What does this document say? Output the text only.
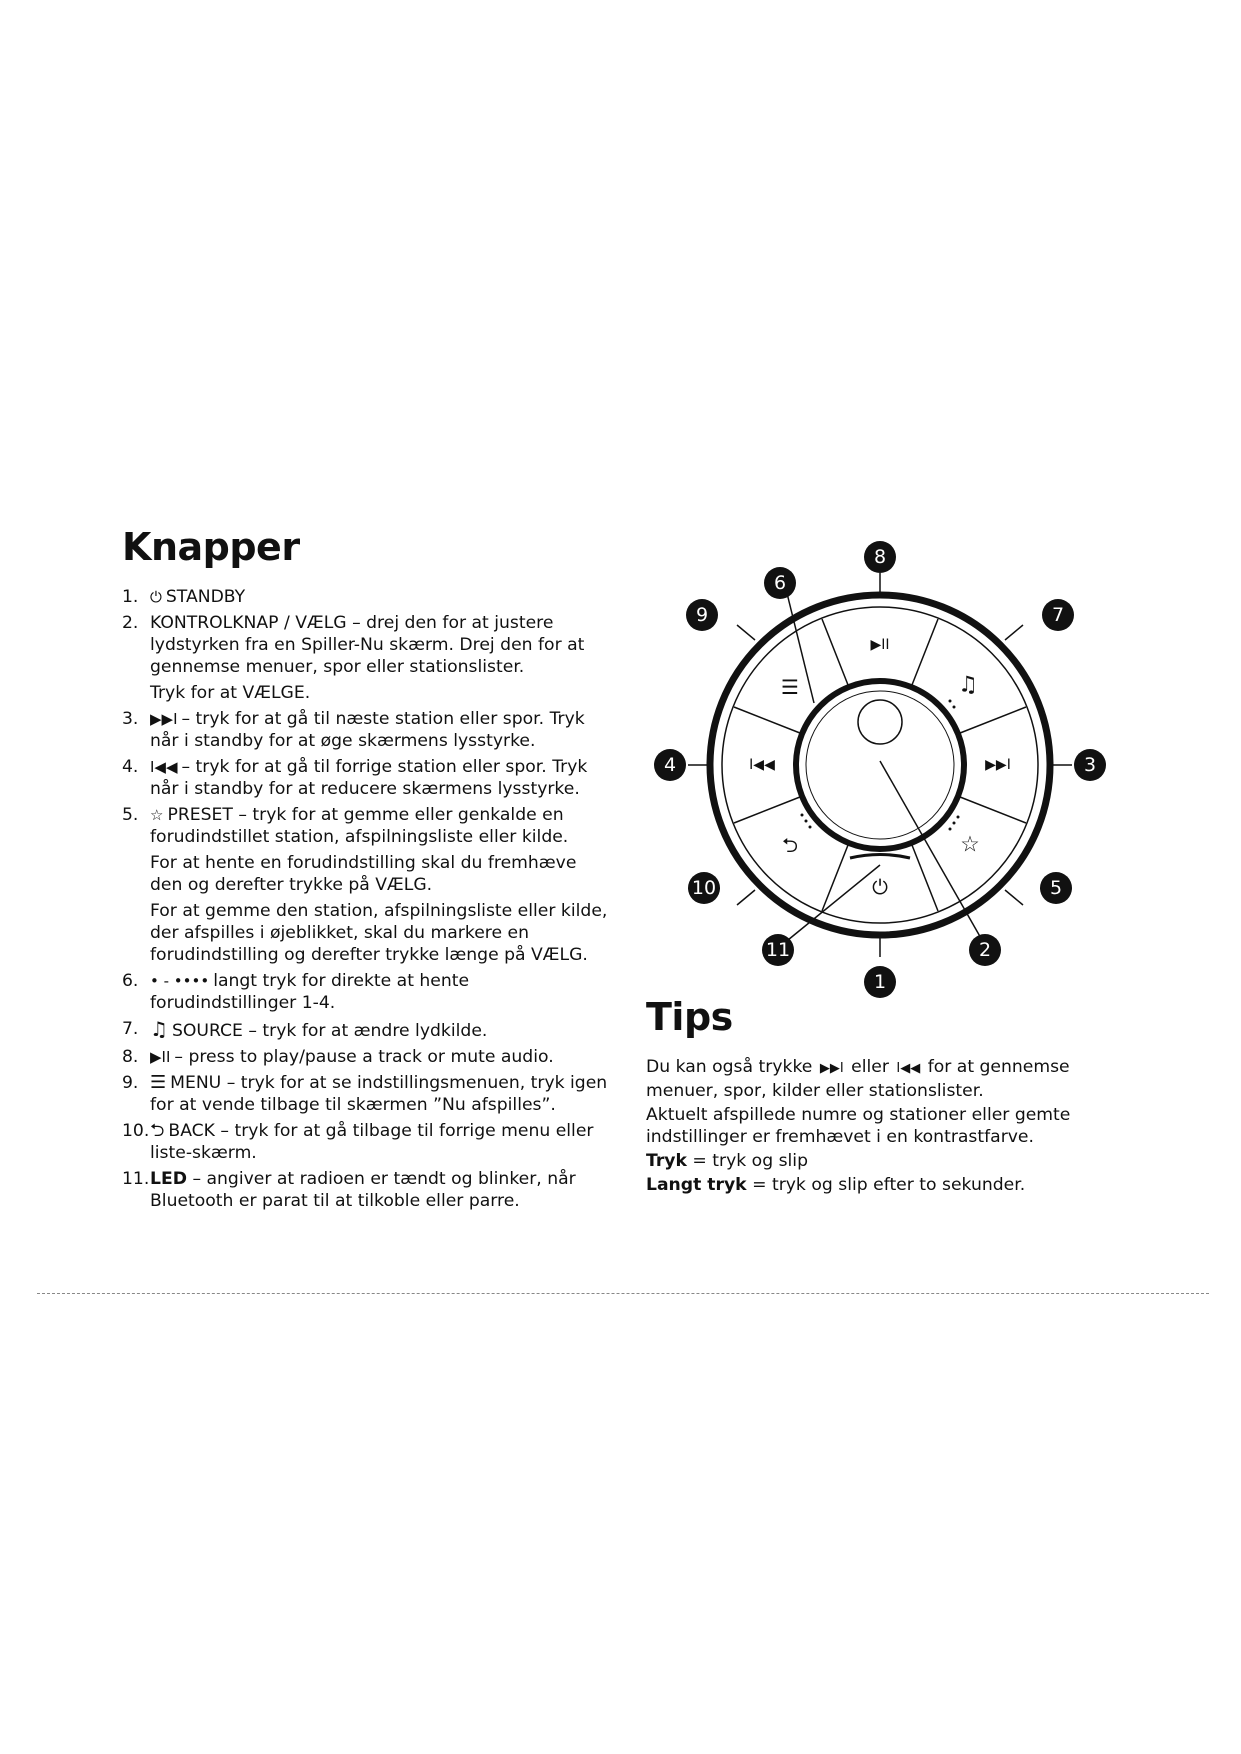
Knapper
1. ⏻ STANDBY
2. KONTROLKNAP / VÆLG – drej den for at justere lydstyrken fra en Spiller-Nu skærm. Drej den for at gennemse menuer, spor eller stationslister.
Tryk for at VÆLGE.
3. ▶▶I – tryk for at gå til næste station eller spor. Tryk når i standby for at øge skærmens lysstyrke.
4. I◀◀ – tryk for at gå til forrige station eller spor. Tryk når i standby for at reducere skærmens lysstyrke.
5. ☆ PRESET – tryk for at gemme eller genkalde en forudindstillet station, afspilningsliste eller kilde.
For at hente en forudindstilling skal du fremhæve den og derefter trykke på VÆLG.
For at gemme den station, afspilningsliste eller kilde, der afspilles i øjeblikket, skal du markere en forudindstilling og derefter trykke længe på VÆLG.
6. • - •••• langt tryk for direkte at hente forudindstillinger 1-4.
7. ♫ SOURCE – tryk for at ændre lydkilde.
8. ▶II – press to play/pause a track or mute audio.
9. ☰ MENU – tryk for at se indstillingsmenuen, tryk igen for at vende tilbage til skærmen ”Nu afspilles”.
10. ⮌ BACK – tryk for at gå tilbage til forrige menu eller liste-skærm.
11. LED – angiver at radioen er tændt og blinker, når Bluetooth er parat til at tilkoble eller parre.
▶II
▶▶I
I◀◀
♫
☆
☰
⮌
⏻
8
6
9	7
4	3
10	5
11	2
1
Tips

Du kan også trykke ▶▶I eller I◀◀ for at gennemse menuer, spor, kilder eller stationslister.

Aktuelt afspillede numre og stationer eller gemte indstillinger er fremhævet i en kontrastfarve.

Tryk = tryk og slip

Langt tryk = tryk og slip efter to sekunder.
